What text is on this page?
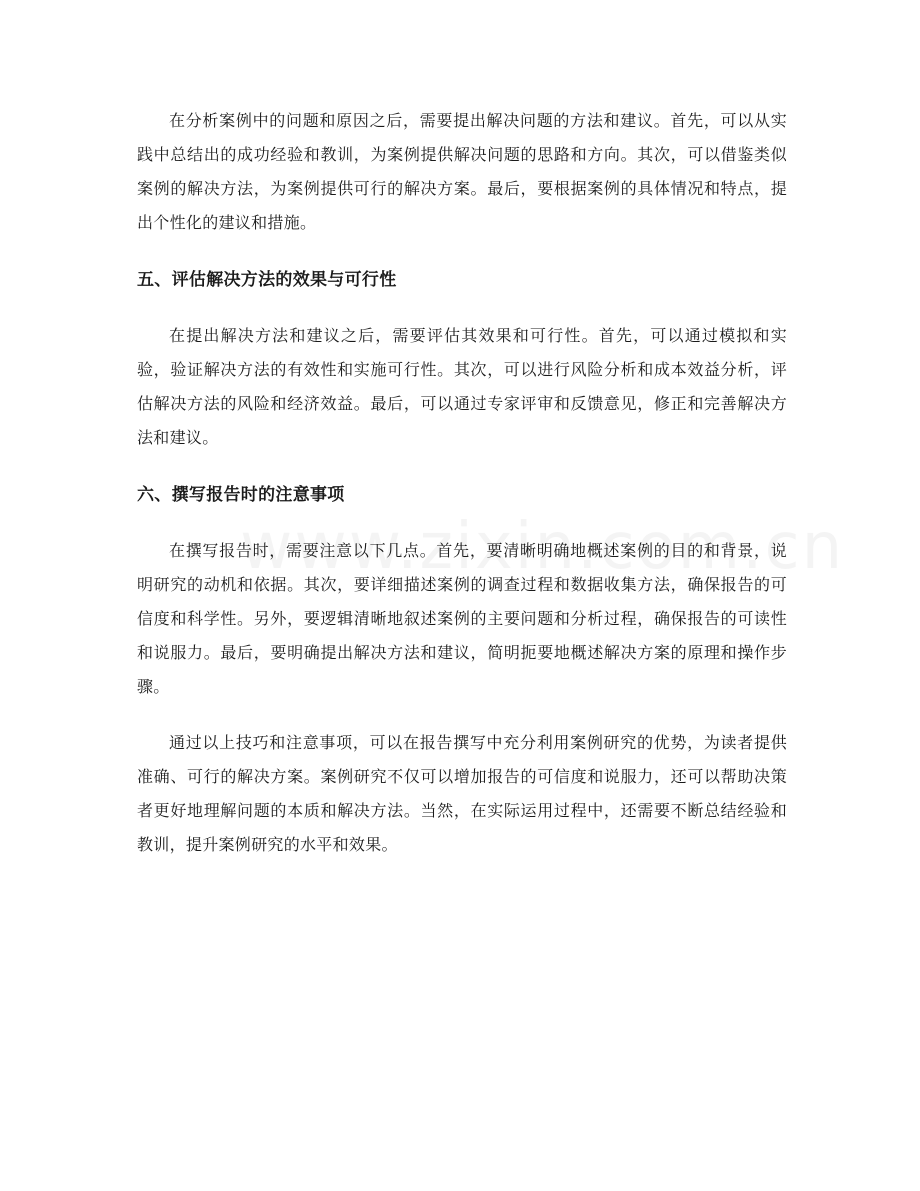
在分析案例中的问题和原因之后，需要提出解决问题的方法和建议。首先，可以从实践中总结出的成功经验和教训，为案例提供解决问题的思路和方向。其次，可以借鉴类似案例的解决方法，为案例提供可行的解决方案。最后，要根据案例的具体情况和特点，提出个性化的建议和措施。

五、评估解决方法的效果与可行性

在提出解决方法和建议之后，需要评估其效果和可行性。首先，可以通过模拟和实验，验证解决方法的有效性和实施可行性。其次，可以进行风险分析和成本效益分析，评估解决方法的风险和经济效益。最后，可以通过专家评审和反馈意见，修正和完善解决方法和建议。

六、撰写报告时的注意事项

在撰写报告时，需要注意以下几点。首先，要清晰明确地概述案例的目的和背景，说明研究的动机和依据。其次，要详细描述案例的调查过程和数据收集方法，确保报告的可信度和科学性。另外，要逻辑清晰地叙述案例的主要问题和分析过程，确保报告的可读性和说服力。最后，要明确提出解决方法和建议，简明扼要地概述解决方案的原理和操作步骤。

通过以上技巧和注意事项，可以在报告撰写中充分利用案例研究的优势，为读者提供准确、可行的解决方案。案例研究不仅可以增加报告的可信度和说服力，还可以帮助决策者更好地理解问题的本质和解决方法。当然，在实际运用过程中，还需要不断总结经验和教训，提升案例研究的水平和效果。
